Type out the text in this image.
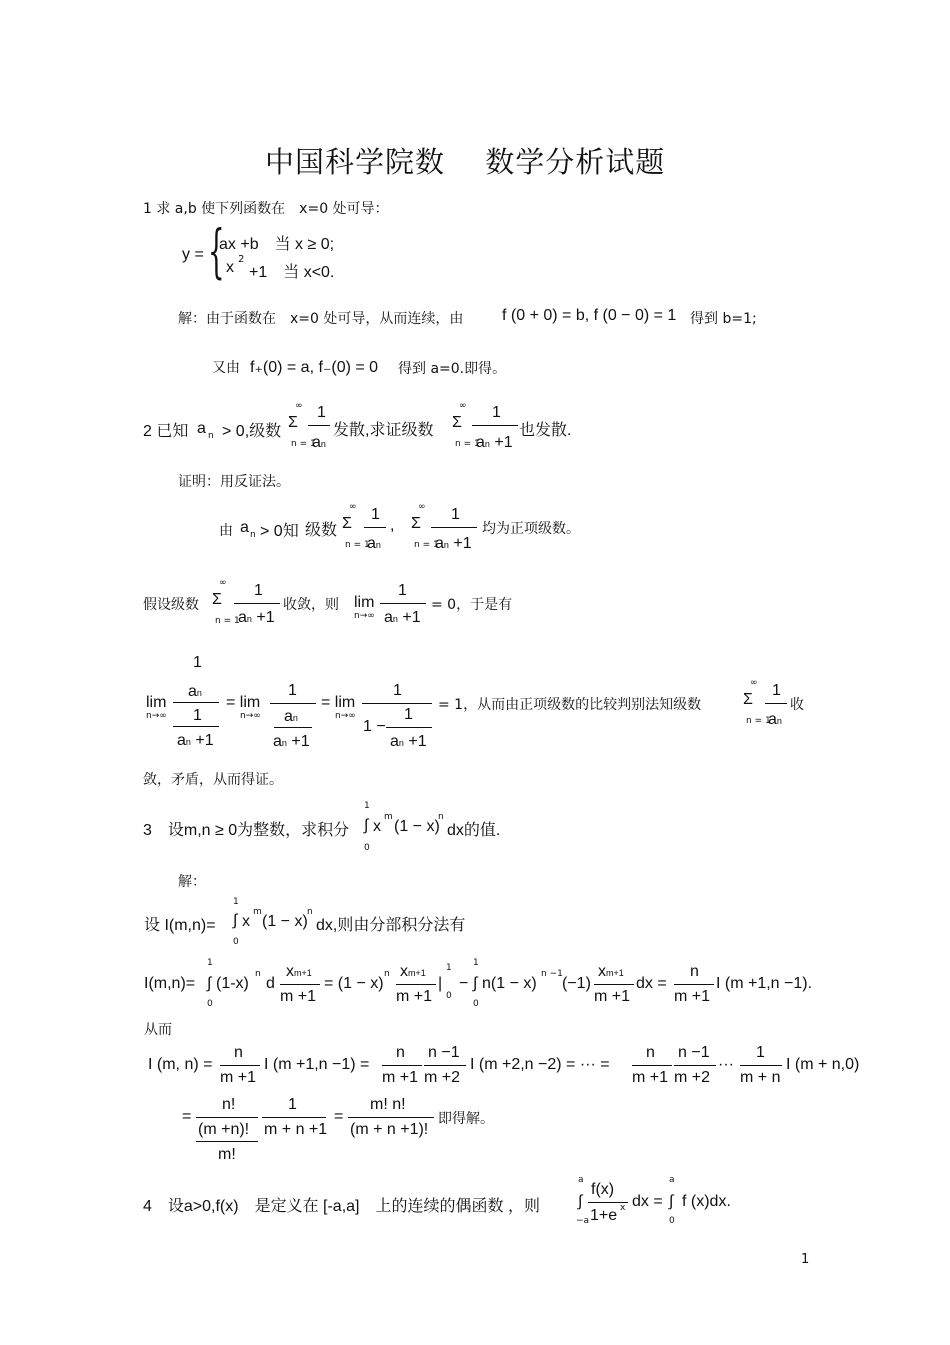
中国科学院数　 数学分析试题
1 求 a,b 使下列函数在　x=0 处可导：
y = {
ax +b　当 x ≥ 0;
x 2
+1　当 x<0.
解：由于函数在　x=0 处可导，从而连续，由 f (0 + 0) = b, f (0 − 0) = 1 得到 b=1;
又由 f₊(0) = a, f₋(0) = 0 得到 a=0.即得。
2 已知 a n > 0,级数
∞
Σ
n = 1
1
an
发散,求证级数
∞
Σ
n = 1
1
an +1
也发散.
证明：用反证法。
由 a n > 0知 级数
∞
Σ
n = 1
1
an
,
∞
Σ
n = 1
1
an +1
均为正项级数。
假设级数
∞
Σ
n = 1
1
an +1
收敛，则 lim
n→∞
1
an +1
= 0，于是有
1
an
lim
n→∞ 1
an +1
= lim
n→∞
1
an
an +1
= lim
n→∞
1
1 −
1
an +1
= 1，从而由正项级数的比较判别法知级数
∞
Σ
n = 1
1
an
收
敛，矛盾，从而得证。
3　设m,n ≥ 0为整数，求积分
1
∫
0
x
m
(1 − x)
n
dx的值.
解：
设 I(m,n)=
1
∫
0
x
m
(1 − x)
n
dx,则由分部积分法有
I(m,n)=
1
∫
0
(1-x)
n
d
xm+1
m +1
= (1 − x)
n xm+1
m +1
|
1
0
−
1
∫
0
n(1 − x)
n −1
(−1)
xm+1
m +1
dx =
n
m +1
I (m +1,n −1).
从而
I (m, n) =
n
m +1
I (m +1,n −1) =
n
m +1
n −1
m +2
I (m +2,n −2) = ··· =
n
m +1
n −1
m +2
···
1
m + n
I (m + n,0)
=
n!
(m +n)!
m!
1
m + n +1
=
m! n!
(m + n +1)!
即得解。
4　设a>0,f(x)　是定义在 [-a,a]　上的连续的偶函数 ，则
a
∫
−a
f(x)
1+e x dx =
a
∫
0
f (x)dx.
1
